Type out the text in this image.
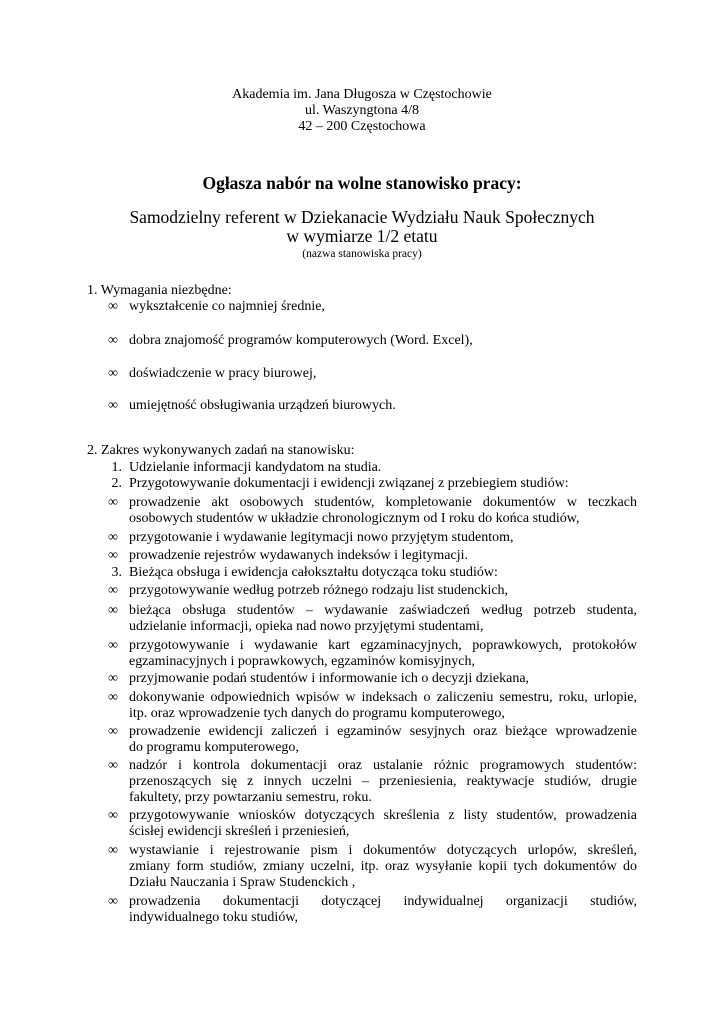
Akademia im. Jana Długosza w Częstochowie
ul. Waszyngtona 4/8
42 – 200 Częstochowa
Ogłasza nabór na wolne stanowisko pracy:
Samodzielny referent w Dziekanacie Wydziału Nauk Społecznych
w wymiarze 1/2 etatu
(nazwa stanowiska pracy)
1. Wymagania niezbędne:
∞ wykształcenie co najmniej średnie,
∞ dobra znajomość programów komputerowych (Word. Excel),
∞ doświadczenie w pracy biurowej,
∞ umiejętność obsługiwania urządzeń biurowych.
2. Zakres wykonywanych zadań na stanowisku:
1. Udzielanie informacji kandydatom na studia.
2. Przygotowywanie dokumentacji i ewidencji związanej z przebiegiem studiów:
∞ prowadzenie akt osobowych studentów, kompletowanie dokumentów w teczkach
osobowych studentów w układzie chronologicznym od I roku do końca studiów,
∞ przygotowanie i wydawanie legitymacji nowo przyjętym studentom,
∞ prowadzenie rejestrów wydawanych indeksów i legitymacji.
3. Bieżąca obsługa i ewidencja całokształtu dotycząca toku studiów:
∞ przygotowywanie według potrzeb różnego rodzaju list studenckich,
∞ bieżąca obsługa studentów – wydawanie zaświadczeń według potrzeb studenta,
udzielanie informacji, opieka nad nowo przyjętymi studentami,
∞ przygotowywanie i wydawanie kart egzaminacyjnych, poprawkowych, protokołów
egzaminacyjnych i poprawkowych, egzaminów komisyjnych,
∞ przyjmowanie podań studentów i informowanie ich o decyzji dziekana,
∞ dokonywanie odpowiednich wpisów w indeksach o zaliczeniu semestru, roku, urlopie,
itp. oraz wprowadzenie tych danych do programu komputerowego,
∞ prowadzenie ewidencji zaliczeń i egzaminów sesyjnych oraz bieżące wprowadzenie
do programu komputerowego,
∞ nadzór i kontrola dokumentacji oraz ustalanie różnic programowych studentów:
przenoszących się z innych uczelni – przeniesienia, reaktywacje studiów, drugie
fakultety, przy powtarzaniu semestru, roku.
∞ przygotowywanie wniosków dotyczących skreślenia z listy studentów, prowadzenia
ścisłej ewidencji skreśleń i przeniesień,
∞ wystawianie i rejestrowanie pism i dokumentów dotyczących urlopów, skreśleń,
zmiany form studiów, zmiany uczelni, itp. oraz wysyłanie kopii tych dokumentów do
Działu Nauczania i Spraw Studenckich ,
∞ prowadzenia dokumentacji dotyczącej indywidualnej organizacji studiów,
indywidualnego toku studiów,
